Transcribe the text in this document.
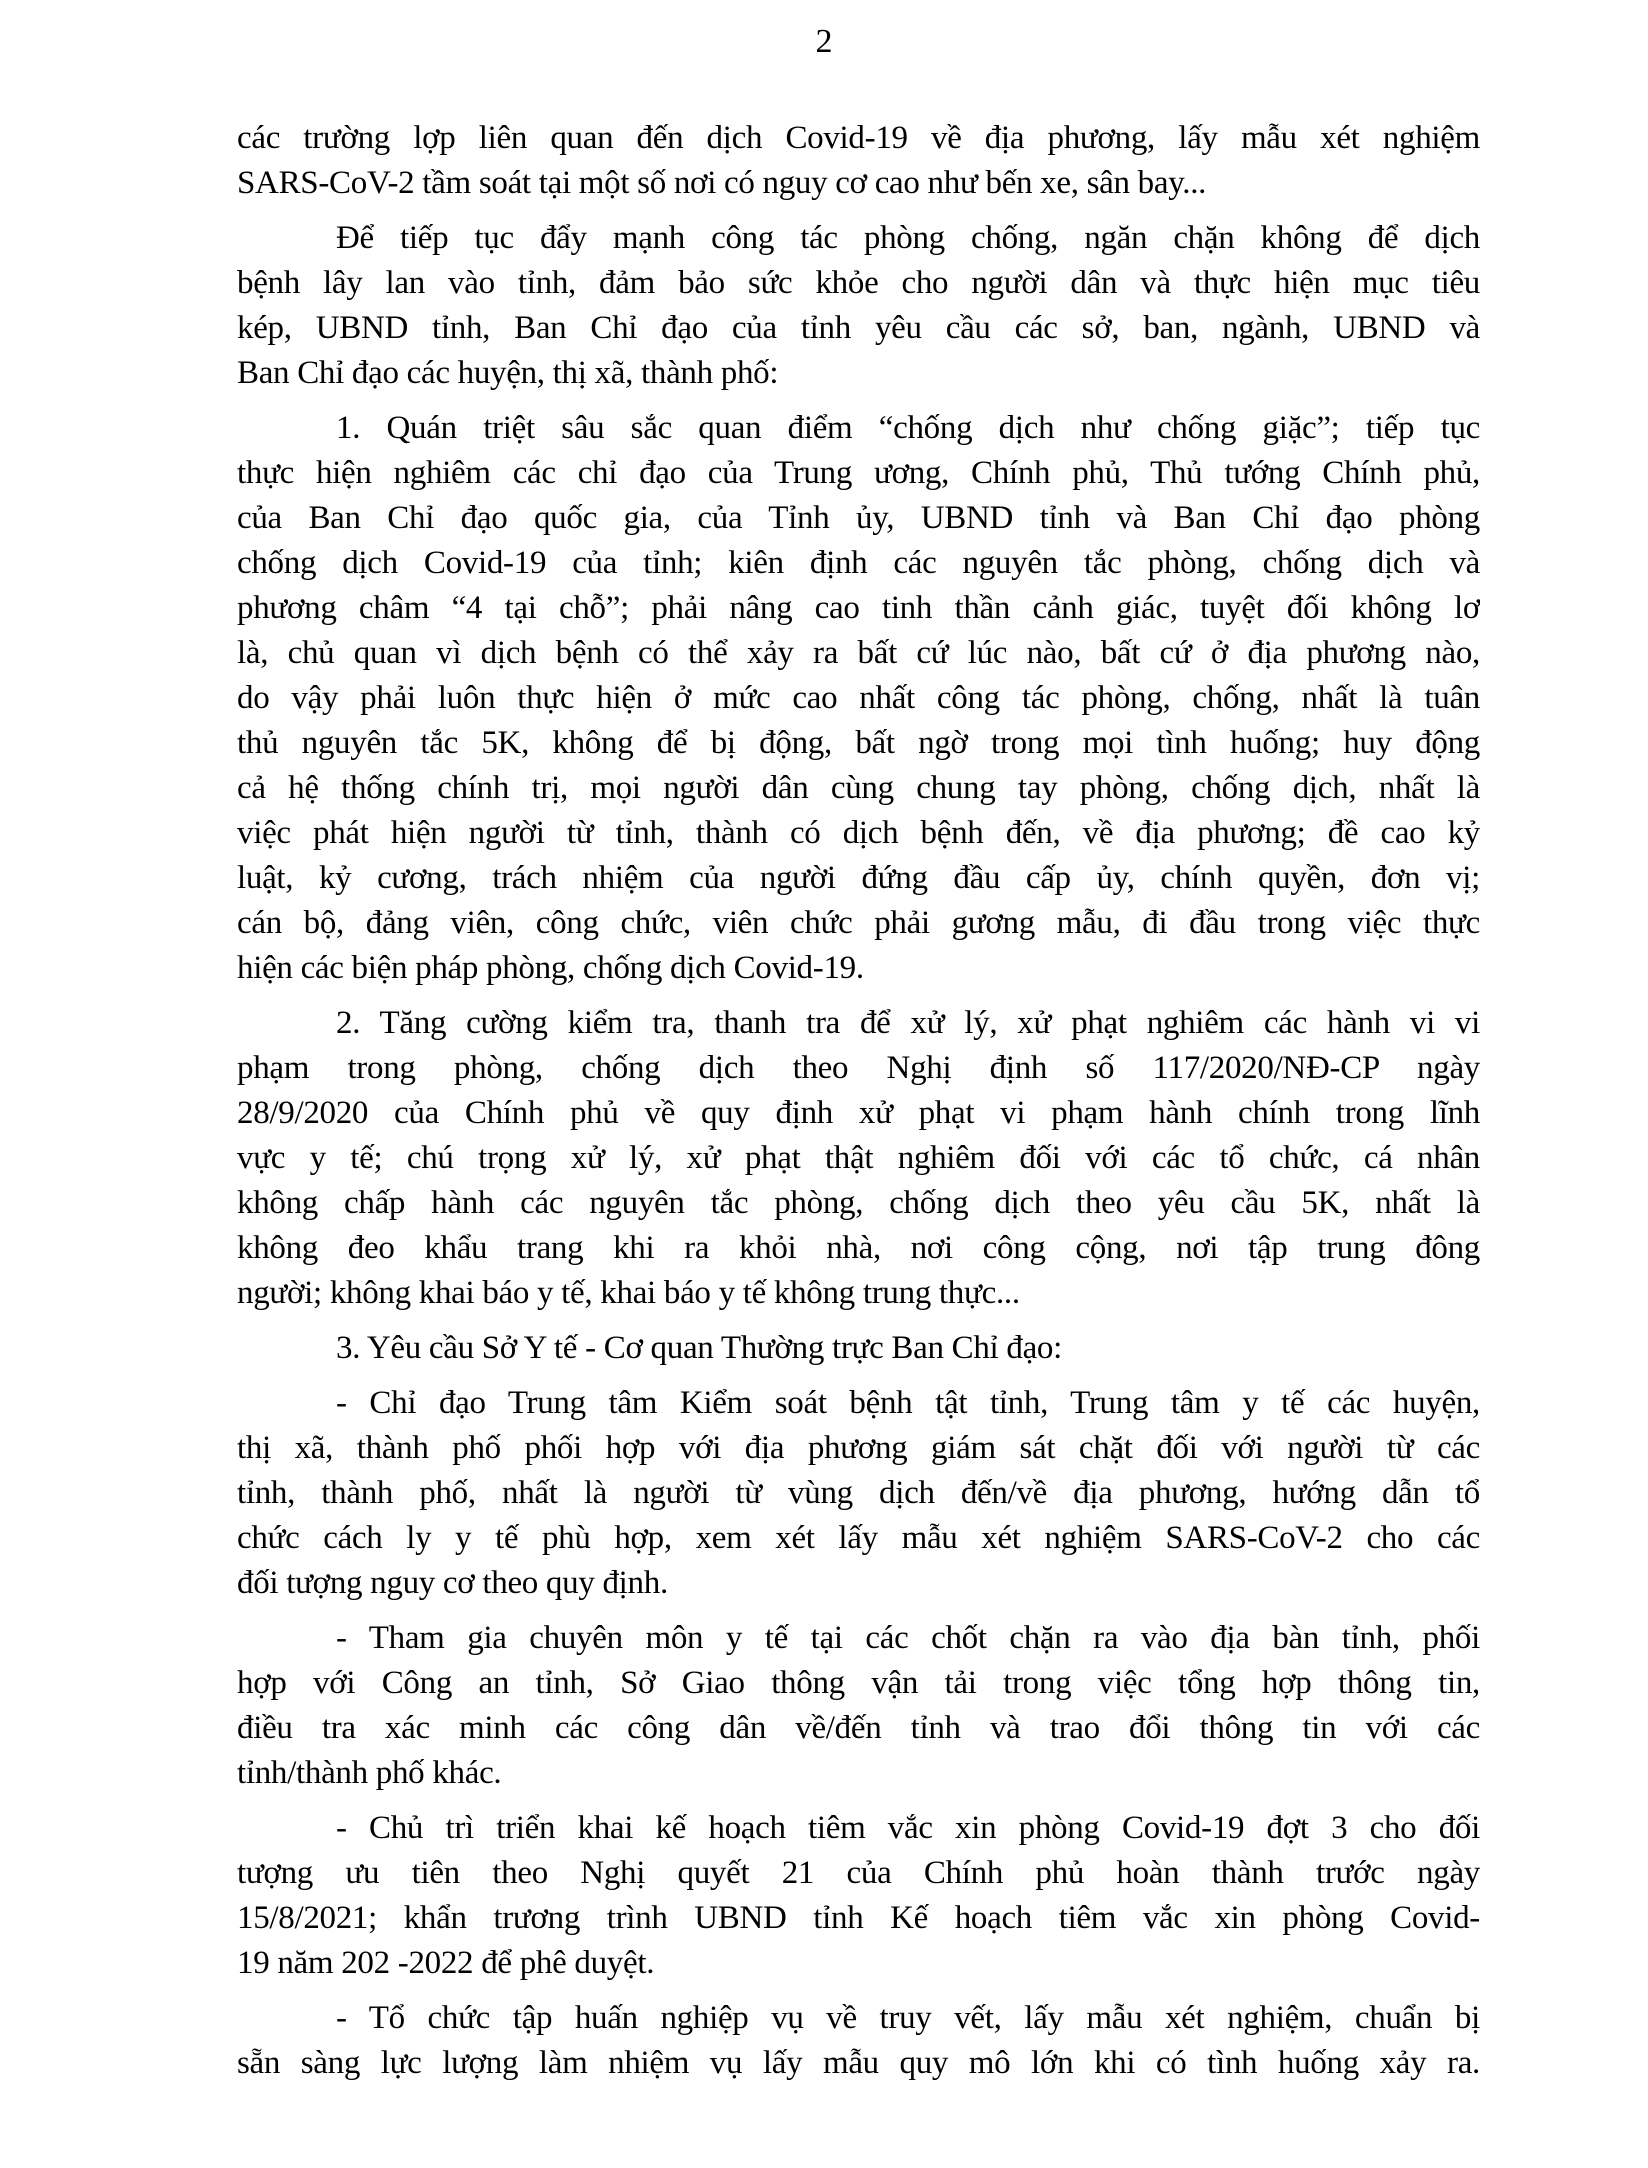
2
các trường lợp liên quan đến dịch Covid-19 về địa phương, lấy mẫu xét nghiệm
SARS-CoV-2 tầm soát tại một số nơi có nguy cơ cao như bến xe, sân bay...
Để tiếp tục đẩy mạnh công tác phòng chống, ngăn chặn không để dịch
bệnh lây lan vào tỉnh, đảm bảo sức khỏe cho người dân và thực hiện mục tiêu
kép, UBND tỉnh, Ban Chỉ đạo của tỉnh yêu cầu các sở, ban, ngành, UBND và
Ban Chỉ đạo các huyện, thị xã, thành phố:
1. Quán triệt sâu sắc quan điểm “chống dịch như chống giặc”; tiếp tục
thực hiện nghiêm các chỉ đạo của Trung ương, Chính phủ, Thủ tướng Chính phủ,
của Ban Chỉ đạo quốc gia, của Tỉnh ủy, UBND tỉnh và Ban Chỉ đạo phòng
chống dịch Covid-19 của tỉnh; kiên định các nguyên tắc phòng, chống dịch và
phương châm “4 tại chỗ”; phải nâng cao tinh thần cảnh giác, tuyệt đối không lơ
là, chủ quan vì dịch bệnh có thể xảy ra bất cứ lúc nào, bất cứ ở địa phương nào,
do vậy phải luôn thực hiện ở mức cao nhất công tác phòng, chống, nhất là tuân
thủ nguyên tắc 5K, không để bị động, bất ngờ trong mọi tình huống; huy động
cả hệ thống chính trị, mọi người dân cùng chung tay phòng, chống dịch, nhất là
việc phát hiện người từ tỉnh, thành có dịch bệnh đến, về địa phương; đề cao kỷ
luật, kỷ cương, trách nhiệm của người đứng đầu cấp ủy, chính quyền, đơn vị;
cán bộ, đảng viên, công chức, viên chức phải gương mẫu, đi đầu trong việc thực
hiện các biện pháp phòng, chống dịch Covid-19.
2. Tăng cường kiểm tra, thanh tra để xử lý, xử phạt nghiêm các hành vi vi
phạm trong phòng, chống dịch theo Nghị định số 117/2020/NĐ-CP ngày
28/9/2020 của Chính phủ về quy định xử phạt vi phạm hành chính trong lĩnh
vực y tế; chú trọng xử lý, xử phạt thật nghiêm đối với các tổ chức, cá nhân
không chấp hành các nguyên tắc phòng, chống dịch theo yêu cầu 5K, nhất là
không đeo khẩu trang khi ra khỏi nhà, nơi công cộng, nơi tập trung đông
người; không khai báo y tế, khai báo y tế không trung thực...
3. Yêu cầu Sở Y tế - Cơ quan Thường trực Ban Chỉ đạo:
- Chỉ đạo Trung tâm Kiểm soát bệnh tật tỉnh, Trung tâm y tế các huyện,
thị xã, thành phố phối hợp với địa phương giám sát chặt đối với người từ các
tỉnh, thành phố, nhất là người từ vùng dịch đến/về địa phương, hướng dẫn tổ
chức cách ly y tế phù hợp, xem xét lấy mẫu xét nghiệm SARS-CoV-2 cho các
đối tượng nguy cơ theo quy định.
- Tham gia chuyên môn y tế tại các chốt chặn ra vào địa bàn tỉnh, phối
hợp với Công an tỉnh, Sở Giao thông vận tải trong việc tổng hợp thông tin,
điều tra xác minh các công dân về/đến tỉnh và trao đổi thông tin với các
tỉnh/thành phố khác.
- Chủ trì triển khai kế hoạch tiêm vắc xin phòng Covid-19 đợt 3 cho đối
tượng ưu tiên theo Nghị quyết 21 của Chính phủ hoàn thành trước ngày
15/8/2021; khẩn trương trình UBND tỉnh Kế hoạch tiêm vắc xin phòng Covid-
19 năm 202 -2022 để phê duyệt.
- Tổ chức tập huấn nghiệp vụ về truy vết, lấy mẫu xét nghiệm, chuẩn bị
sẵn sàng lực lượng làm nhiệm vụ lấy mẫu quy mô lớn khi có tình huống xảy ra.
